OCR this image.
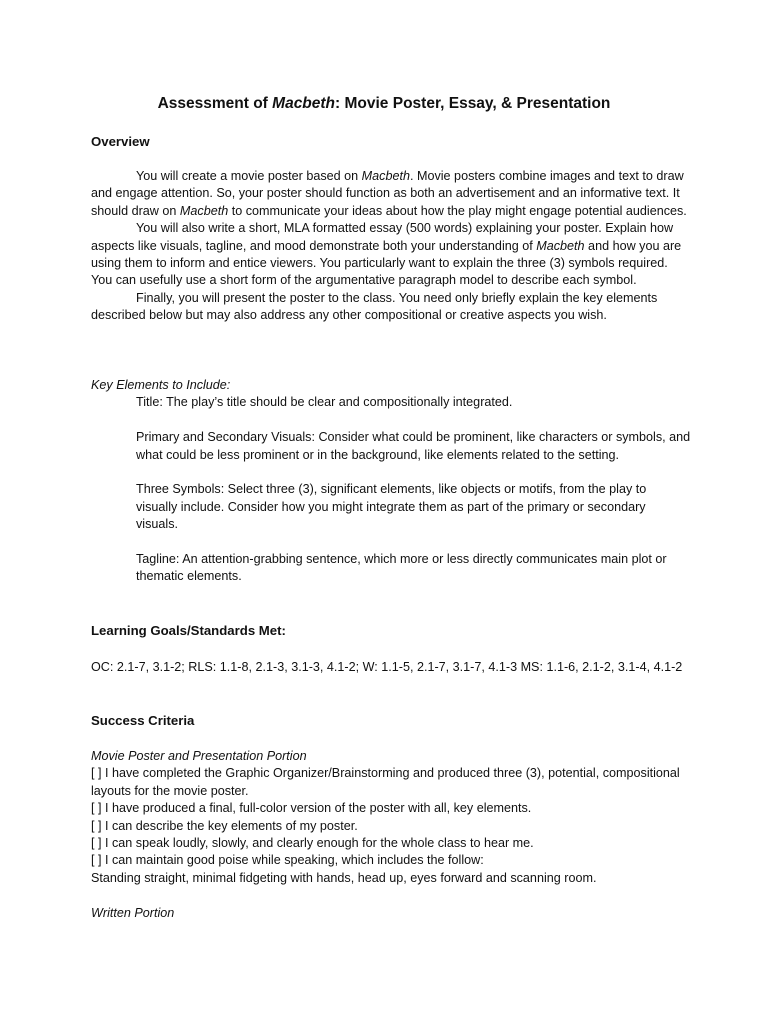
Assessment of Macbeth: Movie Poster, Essay, & Presentation
Overview

You will create a movie poster based on Macbeth. Movie posters combine images and text to draw and engage attention. So, your poster should function as both an advertisement and an informative text. It should draw on Macbeth to communicate your ideas about how the play might engage potential audiences.

You will also write a short, MLA formatted essay (500 words) explaining your poster. Explain how aspects like visuals, tagline, and mood demonstrate both your understanding of Macbeth and how you are using them to inform and entice viewers. You particularly want to explain the three (3) symbols required. You can usefully use a short form of the argumentative paragraph model to describe each symbol.

Finally, you will present the poster to the class. You need only briefly explain the key elements described below but may also address any other compositional or creative aspects you wish.

Key Elements to Include:
Title: The play’s title should be clear and compositionally integrated.
Primary and Secondary Visuals: Consider what could be prominent, like characters or symbols, and what could be less prominent or in the background, like elements related to the setting.
Three Symbols: Select three (3), significant elements, like objects or motifs, from the play to visually include. Consider how you might integrate them as part of the primary or secondary visuals.
Tagline: An attention-grabbing sentence, which more or less directly communicates main plot or thematic elements.
Learning Goals/Standards Met:
OC: 2.1-7, 3.1-2; RLS: 1.1-8, 2.1-3, 3.1-3, 4.1-2; W: 1.1-5, 2.1-7, 3.1-7, 4.1-3 MS: 1.1-6, 2.1-2, 3.1-4, 4.1-2
Success Criteria
Movie Poster and Presentation Portion
[ ] I have completed the Graphic Organizer/Brainstorming and produced three (3), potential, compositional layouts for the movie poster.
[ ] I have produced a final, full-color version of the poster with all, key elements.
[ ] I can describe the key elements of my poster.
[ ] I can speak loudly, slowly, and clearly enough for the whole class to hear me.
[ ] I can maintain good poise while speaking, which includes the follow:
Standing straight, minimal fidgeting with hands, head up, eyes forward and scanning room.
Written Portion
